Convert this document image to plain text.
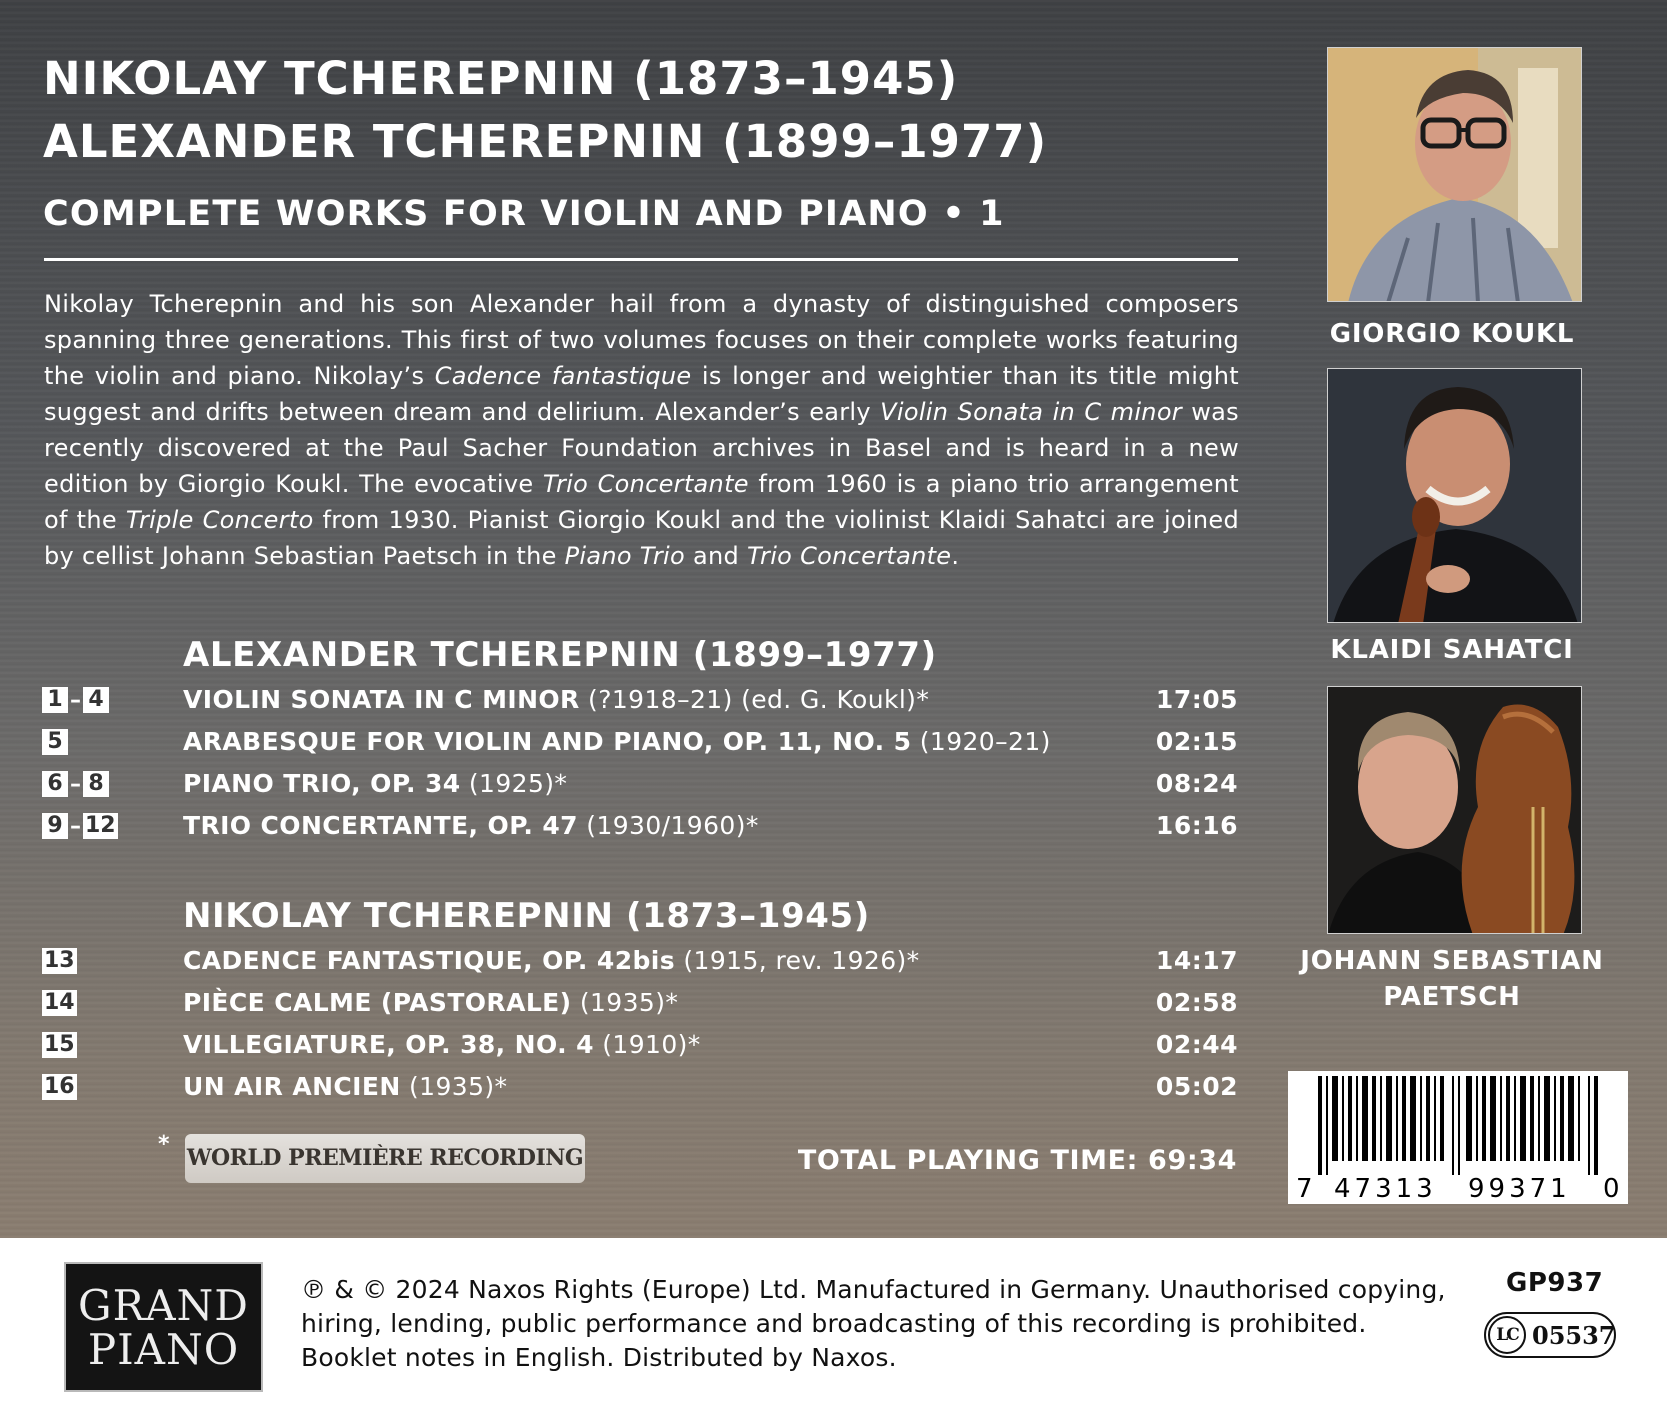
NIKOLAY TCHEREPNIN (1873–1945)
ALEXANDER TCHEREPNIN (1899–1977)
COMPLETE WORKS FOR VIOLIN AND PIANO • 1
Nikolay Tcherepnin and his son Alexander hail from a dynasty of distinguished composers spanning three generations. This first of two volumes focuses on their complete works featuring the violin and piano. Nikolay’s Cadence fantastique is longer and weightier than its title might suggest and drifts between dream and delirium. Alexander’s early Violin Sonata in C minor was recently discovered at the Paul Sacher Foundation archives in Basel and is heard in a new edition by Giorgio Koukl. The evocative Trio Concertante from 1960 is a piano trio arrangement of the Triple Concerto from 1930. Pianist Giorgio Koukl and the violinist Klaidi Sahatci are joined by cellist Johann Sebastian Paetsch in the Piano Trio and Trio Concertante.
ALEXANDER TCHEREPNIN (1899–1977)
1 – 4	VIOLIN SONATA IN C MINOR (?1918–21) (ed. G. Koukl)*	17:05
5	ARABESQUE FOR VIOLIN AND PIANO, OP. 11, NO. 5 (1920–21)	02:15
6 – 8	PIANO TRIO, OP. 34 (1925)*	08:24
9 – 12	TRIO CONCERTANTE, OP. 47 (1930/1960)*	16:16
NIKOLAY TCHEREPNIN (1873–1945)
13	CADENCE FANTASTIQUE, OP. 42bis (1915, rev. 1926)*	14:17
14	PIÈCE CALME (PASTORALE) (1935)*	02:58
15	VILLEGIATURE, OP. 38, NO. 4 (1910)*	02:44
16	UN AIR ANCIEN (1935)*	05:02
*
WORLD PREMIÈRE RECORDING	TOTAL PLAYING TIME: 69:34
GIORGIO KOUKL
KLAIDI SAHATCI
JOHANN SEBASTIAN
PAETSCH
7 47313 99371 0
GRAND
PIANO
℗ & © 2024 Naxos Rights (Europe) Ltd. Manufactured in Germany. Unauthorised copying,
hiring, lending, public performance and broadcasting of this recording is prohibited.
Booklet notes in English. Distributed by Naxos.
GP937
LC 05537
